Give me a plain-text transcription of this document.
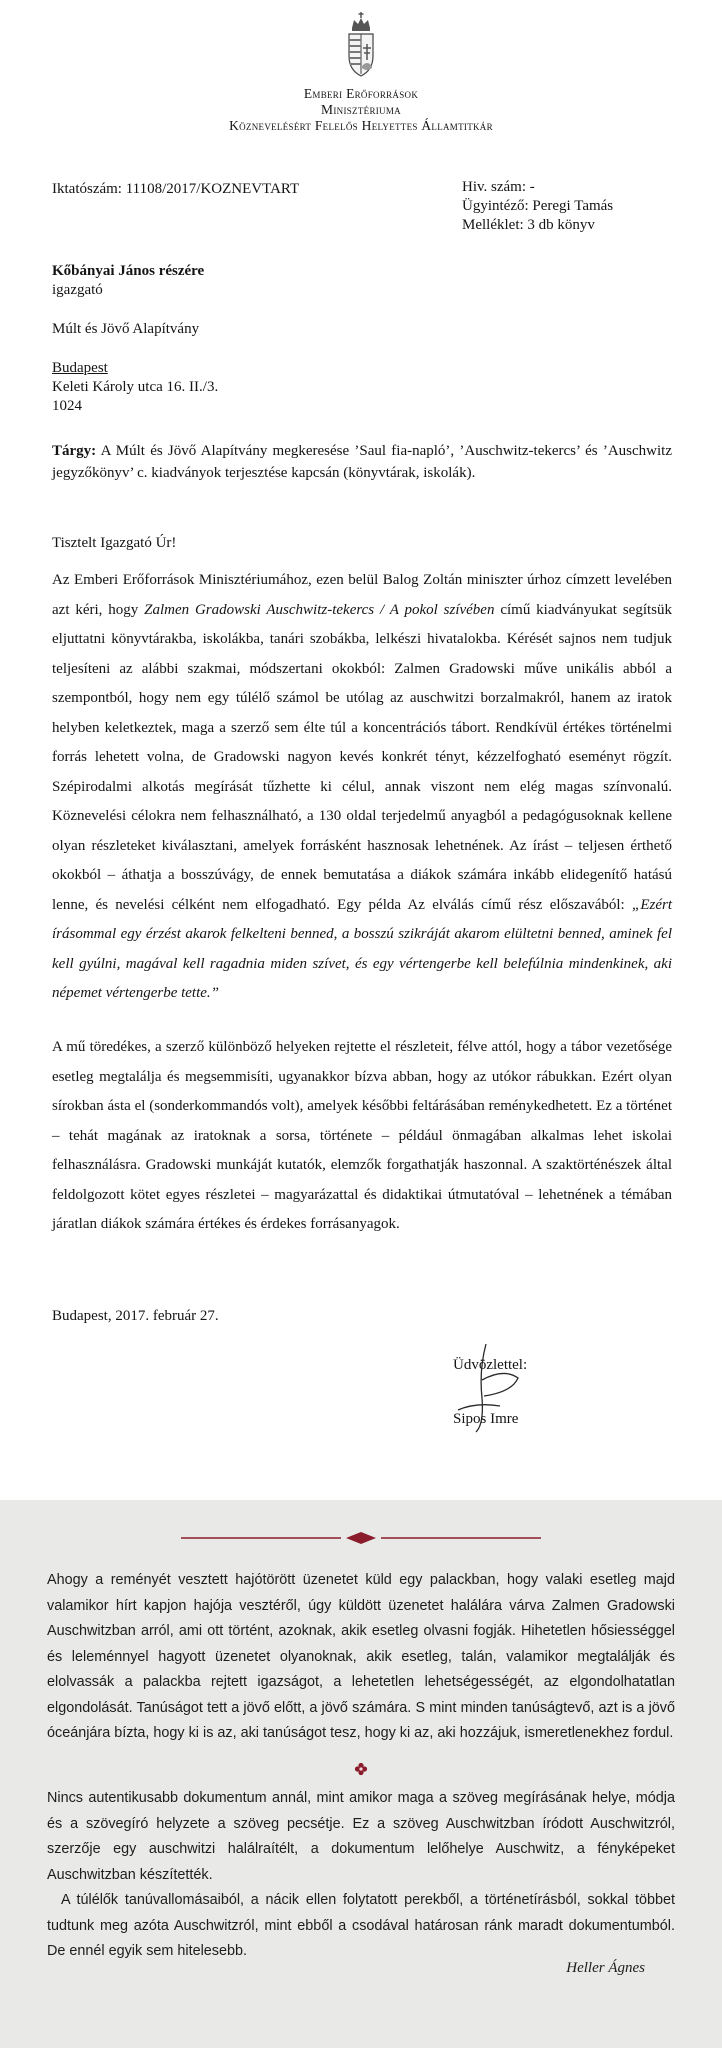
Emberi Erőforrások
Minisztériuma
Köznevelésért Felelős Helyettes Államtitkár
Iktatószám: 11108/2017/KOZNEVTART	Hiv. szám: -
Ügyintéző: Peregi Tamás
Melléklet: 3 db könyv
Kőbányai János részére
igazgató
Múlt és Jövő Alapítvány
Budapest
Keleti Károly utca 16. II./3.
1024
Tárgy: A Múlt és Jövő Alapítvány megkeresése ’Saul fia-napló’, ’Auschwitz-tekercs’ és ’Auschwitz jegyzőkönyv’ c. kiadványok terjesztése kapcsán (könyvtárak, iskolák).
Tisztelt Igazgató Úr!
Az Emberi Erőforrások Minisztériumához, ezen belül Balog Zoltán miniszter úrhoz címzett levelében azt kéri, hogy Zalmen Gradowski Auschwitz-tekercs / A pokol szívében című kiadványukat segítsük eljuttatni könyvtárakba, iskolákba, tanári szobákba, lelkészi hivatalokba. Kérését sajnos nem tudjuk teljesíteni az alábbi szakmai, módszertani okokból: Zalmen Gradowski műve unikális abból a szempontból, hogy nem egy túlélő számol be utólag az auschwitzi borzalmakról, hanem az iratok helyben keletkeztek, maga a szerző sem élte túl a koncentrációs tábort. Rendkívül értékes történelmi forrás lehetett volna, de Gradowski nagyon kevés konkrét tényt, kézzelfogható eseményt rögzít. Szépirodalmi alkotás megírását tűzhette ki célul, annak viszont nem elég magas színvonalú. Köznevelési célokra nem felhasználható, a 130 oldal terjedelmű anyagból a pedagógusoknak kellene olyan részleteket kiválasztani, amelyek forrásként hasznosak lehetnének. Az írást – teljesen érthető okokból – áthatja a bosszúvágy, de ennek bemutatása a diákok számára inkább elidegenítő hatású lenne, és nevelési célként nem elfogadható. Egy példa Az elválás című rész előszavából: „Ezért írásommal egy érzést akarok felkelteni benned, a bosszú szikráját akarom elültetni benned, aminek fel kell gyúlni, magával kell ragadnia miden szívet, és egy vértengerbe kell belefúlnia mindenkinek, aki népemet vértengerbe tette.”
A mű töredékes, a szerző különböző helyeken rejtette el részleteit, félve attól, hogy a tábor vezetősége esetleg megtalálja és megsemmisíti, ugyanakkor bízva abban, hogy az utókor rábukkan. Ezért olyan sírokban ásta el (sonderkommandós volt), amelyek későbbi feltárásában reménykedhetett. Ez a történet – tehát magának az iratoknak a sorsa, története – például önmagában alkalmas lehet iskolai felhasználásra. Gradowski munkáját kutatók, elemzők forgathatják haszonnal. A szaktörténészek által feldolgozott kötet egyes részletei – magyarázattal és didaktikai útmutatóval – lehetnének a témában járatlan diákok számára értékes és érdekes forrásanyagok.
Budapest, 2017. február 27.
Üdvözlettel:
Sipos Imre
Ahogy a reményét vesztett hajótörött üzenetet küld egy palackban, hogy valaki esetleg majd valamikor hírt kapjon hajója vesztéről, úgy küldött üzenetet halálára várva Zalmen Gradowski Auschwitzban arról, ami ott történt, azoknak, akik esetleg olvasni fogják. Hihetetlen hősiességgel és leleménnyel hagyott üzenetet olyanoknak, akik esetleg, talán, valamikor megtalálják és elolvassák a palackba rejtett igazságot, a lehetetlen lehetségességét, az elgondolhatatlan elgondolását. Tanúságot tett a jövő előtt, a jövő számára. S mint minden tanúságtevő, azt is a jövő óceánjára bízta, hogy ki is az, aki tanúságot tesz, hogy ki az, aki hozzájuk, ismeretlenekhez fordul.
Nincs autentikusabb dokumentum annál, mint amikor maga a szöveg megírásának helye, módja és a szövegíró helyzete a szöveg pecsétje. Ez a szöveg Auschwitzban íródott Auschwitzról, szerzője egy auschwitzi halálraítélt, a dokumentum lelőhelye Auschwitz, a fényképeket Auschwitzban készítették.
A túlélők tanúvallomásaiból, a nácik ellen folytatott perekből, a történetírásból, sokkal többet tudtunk meg azóta Auschwitzról, mint ebből a csodával határosan ránk maradt dokumentumból. De ennél egyik sem hitelesebb.
Heller Ágnes
